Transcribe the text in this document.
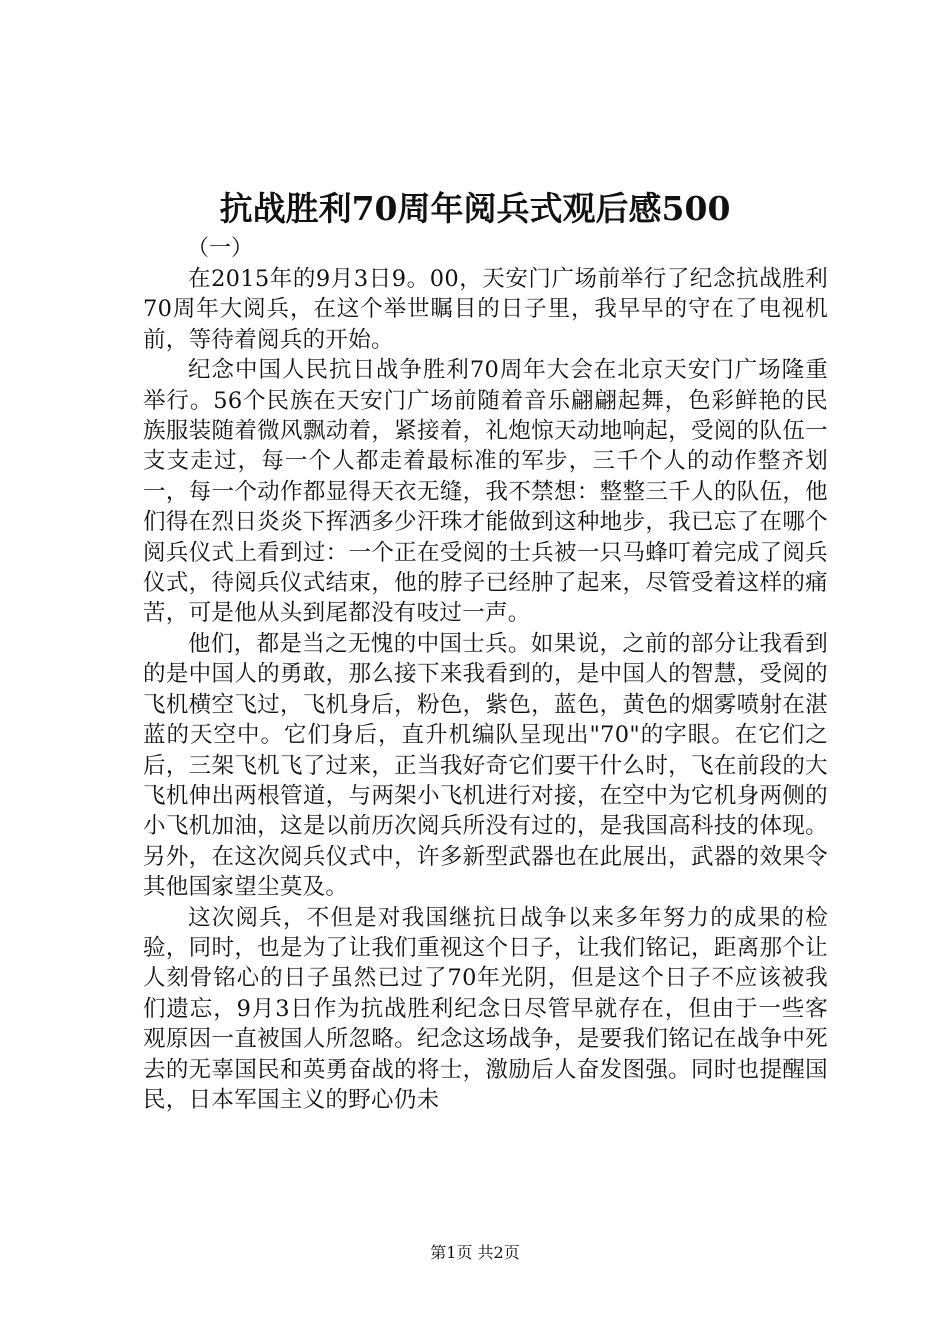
抗战胜利70周年阅兵式观后感500

（一）

在2015年的9月3日9。00，天安门广场前举行了纪念抗战胜利70周年大阅兵，在这个举世瞩目的日子里，我早早的守在了电视机前，等待着阅兵的开始。

纪念中国人民抗日战争胜利70周年大会在北京天安门广场隆重举行。56个民族在天安门广场前随着音乐翩翩起舞，色彩鲜艳的民族服装随着微风飘动着，紧接着，礼炮惊天动地响起，受阅的队伍一支支走过，每一个人都走着最标准的军步，三千个人的动作整齐划一，每一个动作都显得天衣无缝，我不禁想：整整三千人的队伍，他们得在烈日炎炎下挥洒多少汗珠才能做到这种地步，我已忘了在哪个阅兵仪式上看到过：一个正在受阅的士兵被一只马蜂叮着完成了阅兵仪式，待阅兵仪式结束，他的脖子已经肿了起来，尽管受着这样的痛苦，可是他从头到尾都没有吱过一声。

他们，都是当之无愧的中国士兵。如果说，之前的部分让我看到的是中国人的勇敢，那么接下来我看到的，是中国人的智慧，受阅的飞机横空飞过，飞机身后，粉色，紫色，蓝色，黄色的烟雾喷射在湛蓝的天空中。它们身后，直升机编队呈现出"70"的字眼。在它们之后，三架飞机飞了过来，正当我好奇它们要干什么时，飞在前段的大飞机伸出两根管道，与两架小飞机进行对接，在空中为它机身两侧的小飞机加油，这是以前历次阅兵所没有过的，是我国高科技的体现。另外，在这次阅兵仪式中，许多新型武器也在此展出，武器的效果令其他国家望尘莫及。

这次阅兵，不但是对我国继抗日战争以来多年努力的成果的检验，同时，也是为了让我们重视这个日子，让我们铭记，距离那个让人刻骨铭心的日子虽然已过了70年光阴，但是这个日子不应该被我们遗忘，9月3日作为抗战胜利纪念日尽管早就存在，但由于一些客观原因一直被国人所忽略。纪念这场战争，是要我们铭记在战争中死去的无辜国民和英勇奋战的将士，激励后人奋发图强。同时也提醒国民，日本军国主义的野心仍未

第1页 共2页
